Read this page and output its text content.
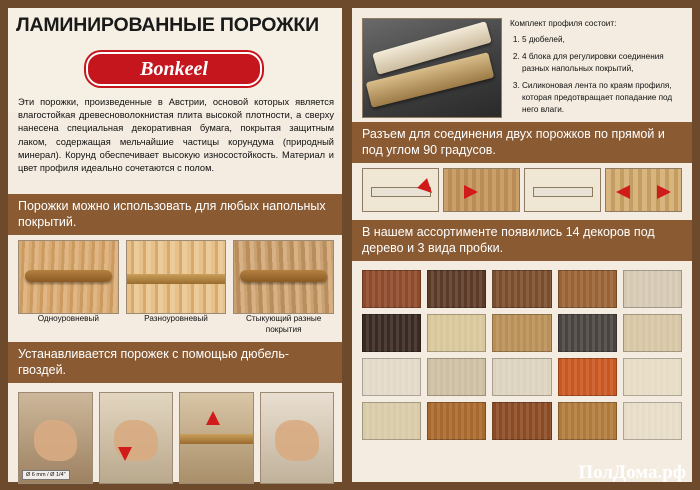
ЛАМИНИРОВАННЫЕ ПОРОЖКИ
Bonkeel
Эти порожки, произведенные в Австрии, основой которых является влагостойкая древесноволокнистая плита высокой плотности, а сверху нанесена специальная декоративная бумага, покрытая защитным лаком, содержащая мельчайшие частицы корундума (природный минерал). Корунд обеспечивает высокую износостойкость. Материал и цвет профиля идеально сочетаются с полом.
Порожки можно использовать для любых напольных покрытий.
Одноуровневый	Разноуровневый	Стыкующий разные покрытия
Устанавливается порожек с помощью дюбель-гвоздей.
Ø 6 mm / Ø 1/4"
Комплект профиля состоит:
1. 5 дюбелей,
2. 4 блока для регулировки соединения разных напольных покрытий,
3. Силиконовая лента по краям профиля, которая предотвращает попадание под него влаги.
Разъем для соединения двух порожков по прямой и под углом 90 градусов.
В нашем ассортименте появились 14 декоров под дерево и 3 вида пробки.
ПолДома.рф
